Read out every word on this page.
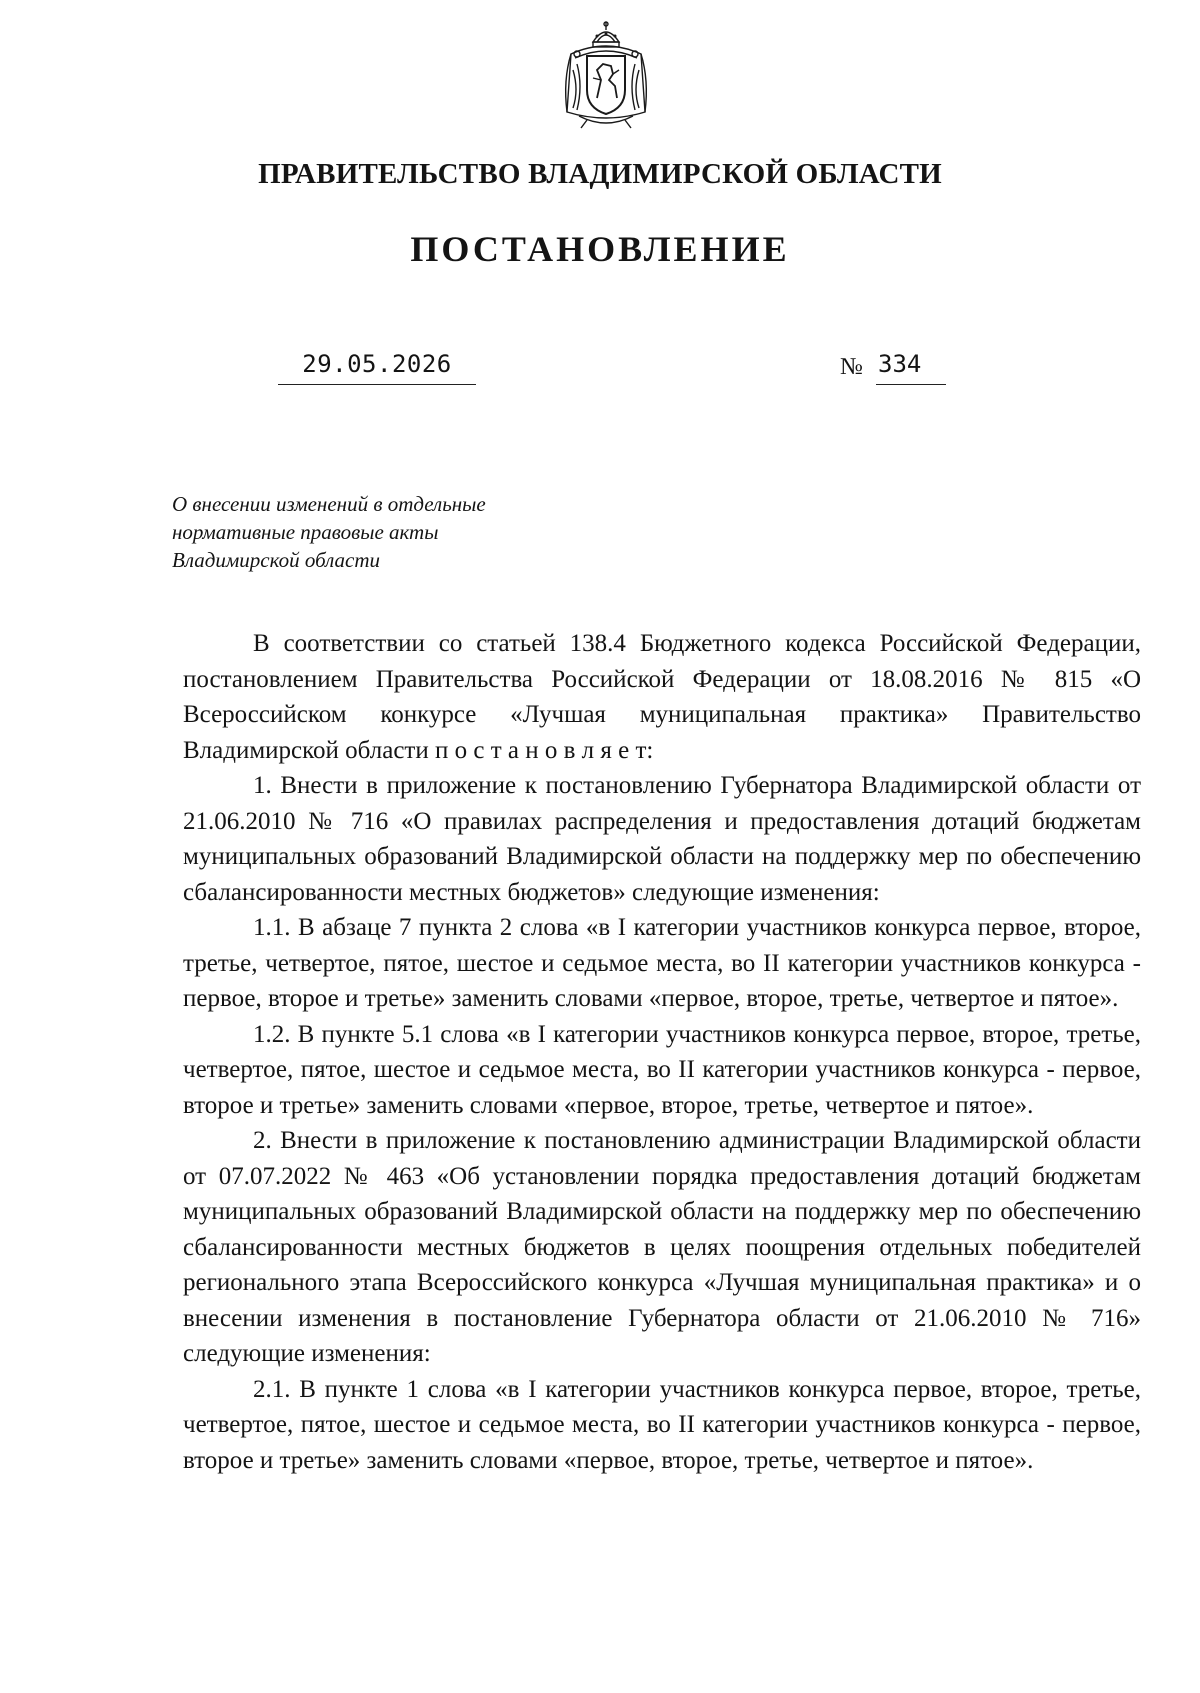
ПРАВИТЕЛЬСТВО ВЛАДИМИРСКОЙ ОБЛАСТИ
ПОСТАНОВЛЕНИЕ
29.05.2026	№ 334
О внесении изменений в отдельные
нормативные правовые акты
Владимирской области

В соответствии со статьей 138.4 Бюджетного кодекса Российской Федерации, постановлением Правительства Российской Федерации от 18.08.2016 № 815 «О Всероссийском конкурсе «Лучшая муниципальная практика» Правительство Владимирской области п о с т а н о в л я е т:

1. Внести в приложение к постановлению Губернатора Владимирской области от 21.06.2010 № 716 «О правилах распределения и предоставления дотаций бюджетам муниципальных образований Владимирской области на поддержку мер по обеспечению сбалансированности местных бюджетов» следующие изменения:

1.1. В абзаце 7 пункта 2 слова «в I категории участников конкурса первое, второе, третье, четвертое, пятое, шестое и седьмое места, во II категории участников конкурса - первое, второе и третье» заменить словами «первое, второе, третье, четвертое и пятое».

1.2. В пункте 5.1 слова «в I категории участников конкурса первое, второе, третье, четвертое, пятое, шестое и седьмое места, во II категории участников конкурса - первое, второе и третье» заменить словами «первое, второе, третье, четвертое и пятое».

2. Внести в приложение к постановлению администрации Владимирской области от 07.07.2022 № 463 «Об установлении порядка предоставления дотаций бюджетам муниципальных образований Владимирской области на поддержку мер по обеспечению сбалансированности местных бюджетов в целях поощрения отдельных победителей регионального этапа Всероссийского конкурса «Лучшая муниципальная практика» и о внесении изменения в постановление Губернатора области от 21.06.2010 № 716» следующие изменения:

2.1. В пункте 1 слова «в I категории участников конкурса первое, второе, третье, четвертое, пятое, шестое и седьмое места, во II категории участников конкурса - первое, второе и третье» заменить словами «первое, второе, третье, четвертое и пятое».
